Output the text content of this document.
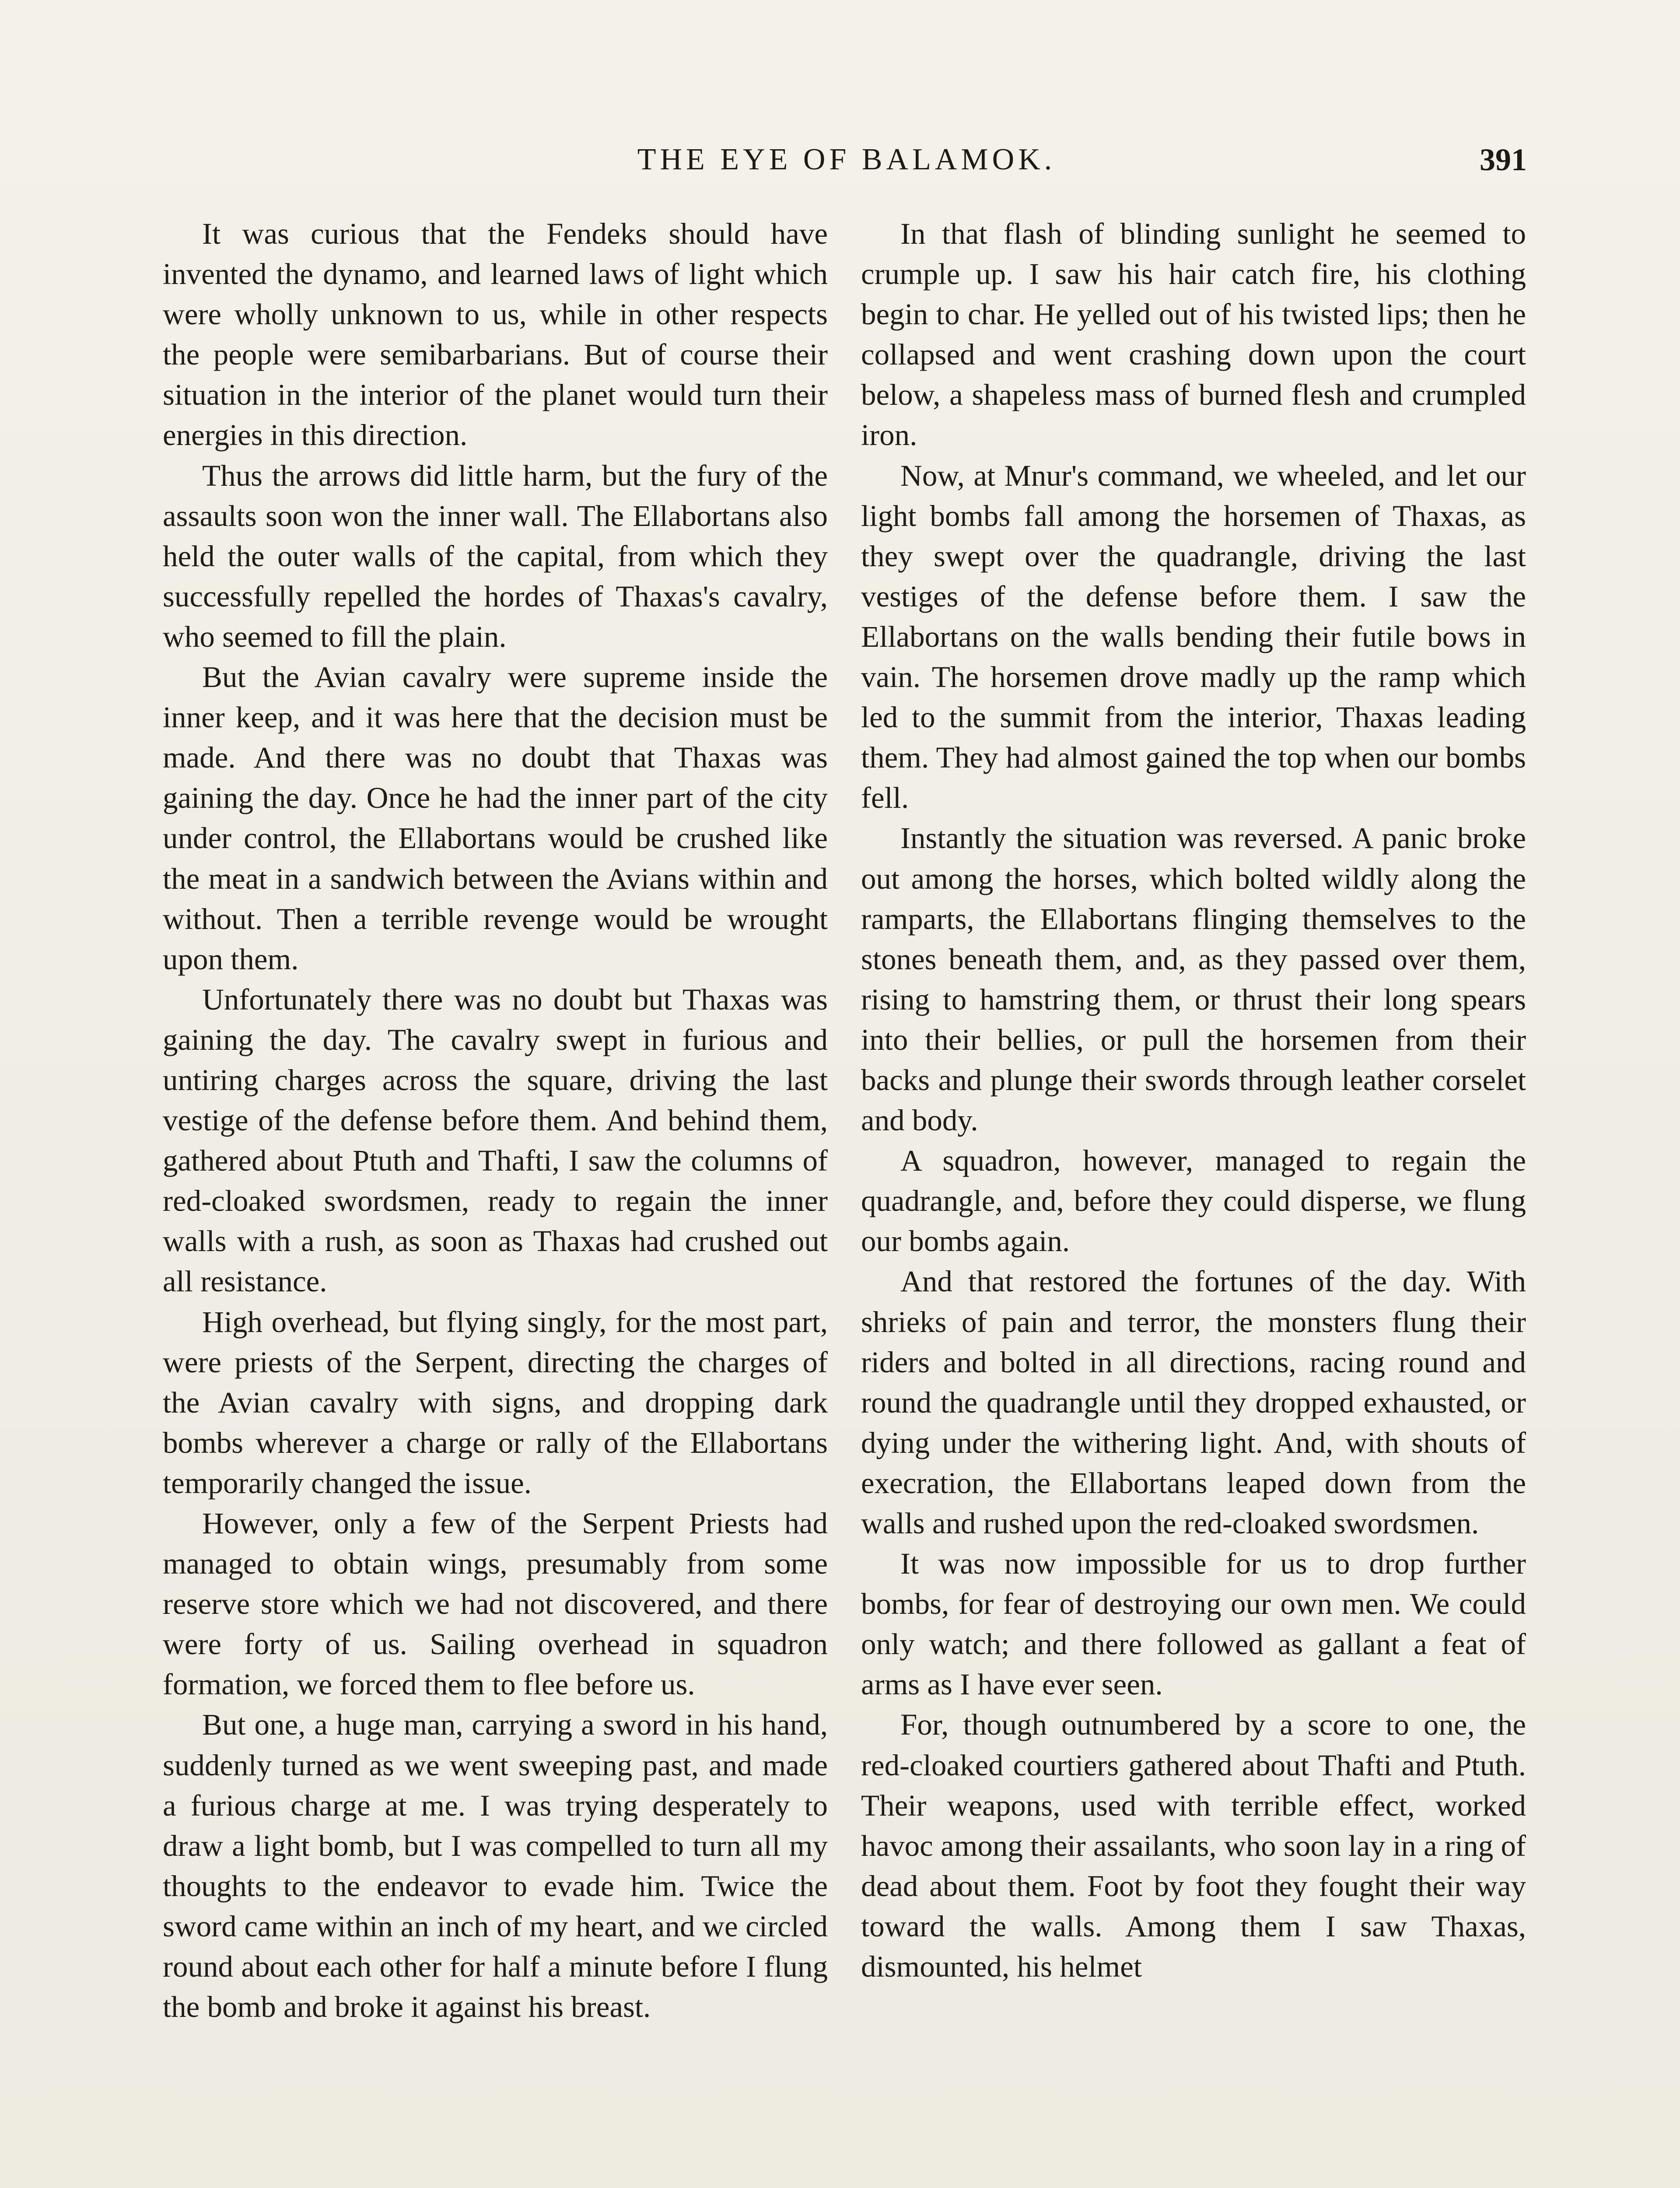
THE EYE OF BALAMOK.	391

It was curious that the Fendeks should have invented the dynamo, and learned laws of light which were wholly unknown to us, while in other respects the people were semibarbarians. But of course their situation in the interior of the planet would turn their energies in this direction.

Thus the arrows did little harm, but the fury of the assaults soon won the inner wall. The Ellabortans also held the outer walls of the capital, from which they successfully repelled the hordes of Thaxas's cavalry, who seemed to fill the plain.

But the Avian cavalry were supreme inside the inner keep, and it was here that the decision must be made. And there was no doubt that Thaxas was gaining the day. Once he had the inner part of the city under control, the Ellabortans would be crushed like the meat in a sandwich between the Avians within and without. Then a terrible revenge would be wrought upon them.

Unfortunately there was no doubt but Thaxas was gaining the day. The cavalry swept in furious and untiring charges across the square, driving the last vestige of the defense before them. And behind them, gathered about Ptuth and Thafti, I saw the columns of red-cloaked swordsmen, ready to regain the inner walls with a rush, as soon as Thaxas had crushed out all resistance.

High overhead, but flying singly, for the most part, were priests of the Serpent, directing the charges of the Avian cavalry with signs, and dropping dark bombs wherever a charge or rally of the Ellabortans temporarily changed the issue.

However, only a few of the Serpent Priests had managed to obtain wings, presumably from some reserve store which we had not discovered, and there were forty of us. Sailing overhead in squadron formation, we forced them to flee before us.

But one, a huge man, carrying a sword in his hand, suddenly turned as we went sweeping past, and made a furious charge at me. I was trying desperately to draw a light bomb, but I was compelled to turn all my thoughts to the endeavor to evade him. Twice the sword came within an inch of my heart, and we circled round about each other for half a minute before I flung the bomb and broke it against his breast.

In that flash of blinding sunlight he seemed to crumple up. I saw his hair catch fire, his clothing begin to char. He yelled out of his twisted lips; then he collapsed and went crashing down upon the court below, a shapeless mass of burned flesh and crumpled iron.

Now, at Mnur's command, we wheeled, and let our light bombs fall among the horsemen of Thaxas, as they swept over the quadrangle, driving the last vestiges of the defense before them. I saw the Ellabortans on the walls bending their futile bows in vain. The horsemen drove madly up the ramp which led to the summit from the interior, Thaxas leading them. They had almost gained the top when our bombs fell.

Instantly the situation was reversed. A panic broke out among the horses, which bolted wildly along the ramparts, the Ellabortans flinging themselves to the stones beneath them, and, as they passed over them, rising to hamstring them, or thrust their long spears into their bellies, or pull the horsemen from their backs and plunge their swords through leather corselet and body.

A squadron, however, managed to regain the quadrangle, and, before they could disperse, we flung our bombs again.

And that restored the fortunes of the day. With shrieks of pain and terror, the monsters flung their riders and bolted in all directions, racing round and round the quadrangle until they dropped exhausted, or dying under the withering light. And, with shouts of execration, the Ellabortans leaped down from the walls and rushed upon the red-cloaked swordsmen.

It was now impossible for us to drop further bombs, for fear of destroying our own men. We could only watch; and there followed as gallant a feat of arms as I have ever seen.

For, though outnumbered by a score to one, the red-cloaked courtiers gathered about Thafti and Ptuth. Their weapons, used with terrible effect, worked havoc among their assailants, who soon lay in a ring of dead about them. Foot by foot they fought their way toward the walls. Among them I saw Thaxas, dismounted, his helmet
